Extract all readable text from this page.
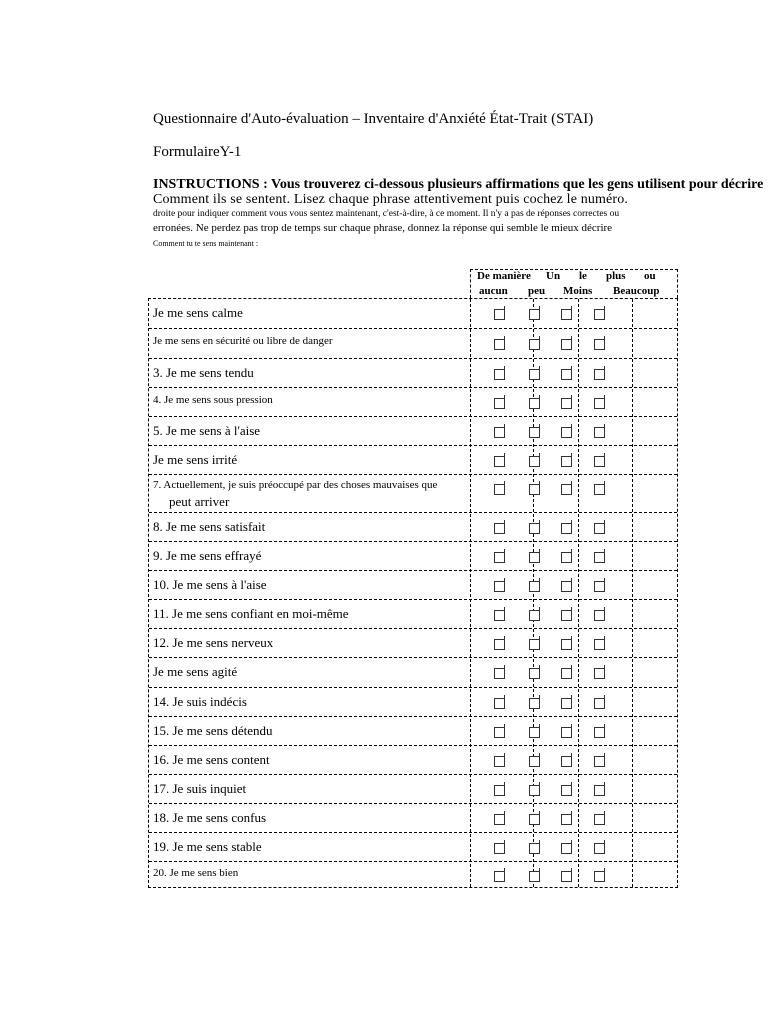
Questionnaire d'Auto-évaluation – Inventaire d'Anxiété État-Trait (STAI)
FormulaireY-1
INSTRUCTIONS : Vous trouverez ci-dessous plusieurs affirmations que les gens utilisent pour décrire
Comment ils se sentent. Lisez chaque phrase attentivement puis cochez le numéro.
droite pour indiquer comment vous vous sentez maintenant, c'est-à-dire, à ce moment. Il n'y a pas de réponses correctes ou
erronées. Ne perdez pas trop de temps sur chaque phrase, donnez la réponse qui semble le mieux décrire
Comment tu te sens maintenant :
De manière Un le plus ou
aucun peu Moins Beaucoup
Je me sens calme
Je me sens en sécurité ou libre de danger
3. Je me sens tendu
4. Je me sens sous pression
5. Je me sens à l'aise
Je me sens irrité
7. Actuellement, je suis préoccupé par des choses mauvaises que
peut arriver
8. Je me sens satisfait
9. Je me sens effrayé
10. Je me sens à l'aise
11. Je me sens confiant en moi-même
12. Je me sens nerveux
Je me sens agité
14. Je suis indécis
15. Je me sens détendu
16. Je me sens content
17. Je suis inquiet
18. Je me sens confus
19. Je me sens stable
20. Je me sens bien
